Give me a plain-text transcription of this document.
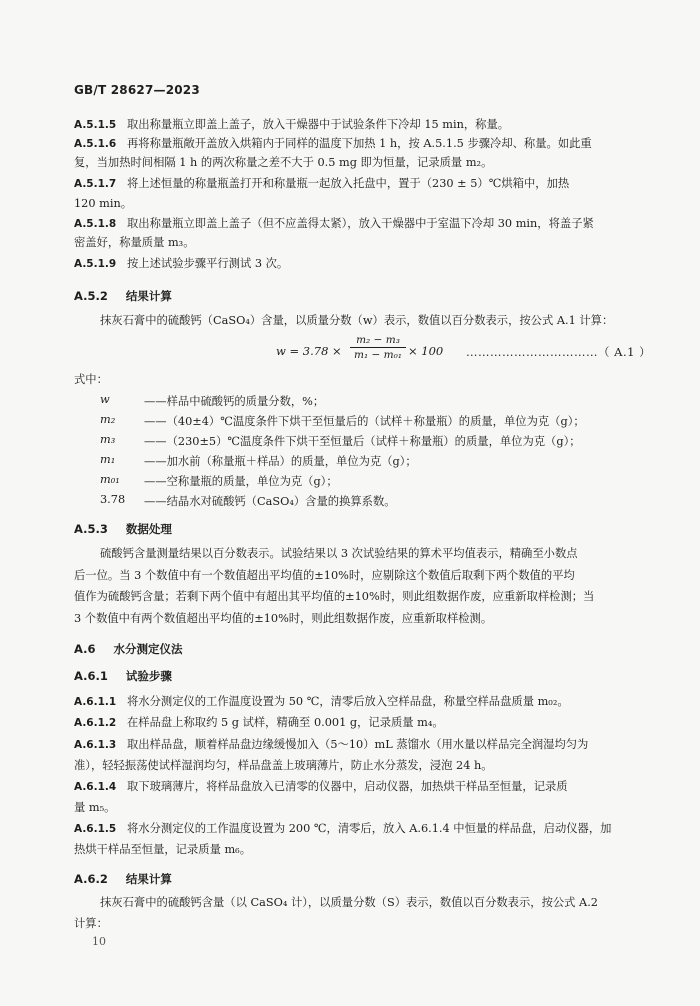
GB/T 28627—2023
A.5.1.5 取出称量瓶立即盖上盖子，放入干燥器中于试验条件下冷却 15 min，称量。
A.5.1.6 再将称量瓶敞开盖放入烘箱内于同样的温度下加热 1 h，按 A.5.1.5 步骤冷却、称量。如此重
复，当加热时间相隔 1 h 的两次称量之差不大于 0.5 mg 即为恒量，记录质量 m₂。
A.5.1.7 将上述恒量的称量瓶盖打开和称量瓶一起放入托盘中，置于（230 ± 5）℃烘箱中，加热
120 min。
A.5.1.8 取出称量瓶立即盖上盖子（但不应盖得太紧），放入干燥器中于室温下冷却 30 min，将盖子紧
密盖好，称量质量 m₃。
A.5.1.9 按上述试验步骤平行测试 3 次。
A.5.2 结果计算
抹灰石膏中的硫酸钙（CaSO₄）含量，以质量分数（w）表示，数值以百分数表示，按公式 A.1 计算：
$w = 3.78 \times \frac{\text{m₂ − m₃}}{\text{m₁ − m₀₁}} \times 100$ ……………………………（ A.1 ）
式中：
w	——样品中硫酸钙的质量分数，%；
m₂	——（40±4）℃温度条件下烘干至恒量后的（试样＋称量瓶）的质量，单位为克（g）；
m₃	——（230±5）℃温度条件下烘干至恒量后（试样＋称量瓶）的质量，单位为克（g）；
m₁	——加水前（称量瓶＋样品）的质量，单位为克（g）；
m₀₁ ——空称量瓶的质量，单位为克（g）；
3.78 ——结晶水对硫酸钙（CaSO₄）含量的换算系数。
A.5.3 数据处理
硫酸钙含量测量结果以百分数表示。试验结果以 3 次试验结果的算术平均值表示，精确至小数点
后一位。当 3 个数值中有一个数值超出平均值的±10%时，应剔除这个数值后取剩下两个数值的平均
值作为硫酸钙含量；若剩下两个值中有超出其平均值的±10%时，则此组数据作废，应重新取样检测；当
3 个数值中有两个数值超出平均值的±10%时，则此组数据作废，应重新取样检测。
A.6 水分测定仪法
A.6.1 试验步骤
A.6.1.1 将水分测定仪的工作温度设置为 50 ℃，清零后放入空样品盘，称量空样品盘质量 m₀₂。
A.6.1.2 在样品盘上称取约 5 g 试样，精确至 0.001 g，记录质量 m₄。
A.6.1.3 取出样品盘，顺着样品盘边缘缓慢加入（5～10）mL 蒸馏水（用水量以样品完全润湿均匀为
准），轻轻振荡使试样湿润均匀，样品盘盖上玻璃薄片，防止水分蒸发，浸泡 24 h。
A.6.1.4 取下玻璃薄片，将样品盘放入已清零的仪器中，启动仪器，加热烘干样品至恒量，记录质
量 m₅。
A.6.1.5 将水分测定仪的工作温度设置为 200 ℃，清零后，放入 A.6.1.4 中恒量的样品盘，启动仪器，加
热烘干样品至恒量，记录质量 m₆。
A.6.2 结果计算
抹灰石膏中的硫酸钙含量（以 CaSO₄ 计），以质量分数（S）表示，数值以百分数表示，按公式 A.2
计算：
10
